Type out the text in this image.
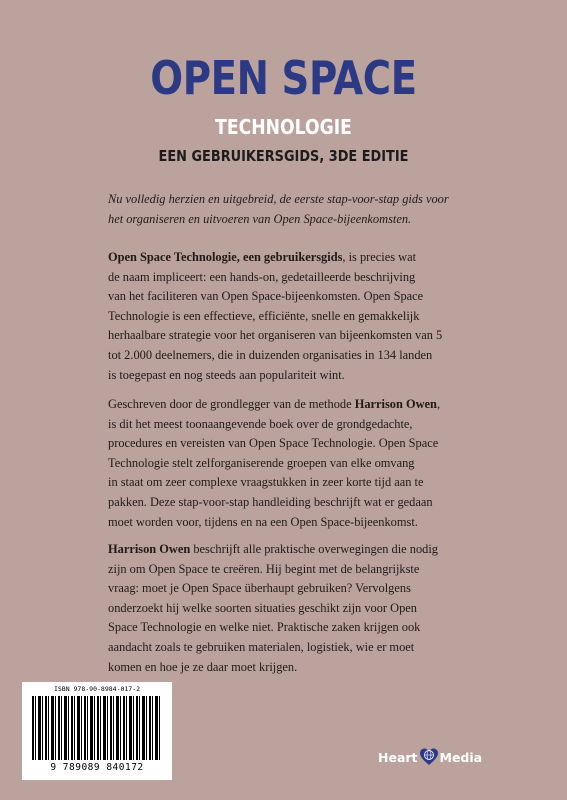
OPEN SPACE
TECHNOLOGIE
EEN GEBRUIKERSGIDS, 3DE EDITIE
Nu volledig herzien en uitgebreid, de eerste stap-voor-stap gids voor
het organiseren en uitvoeren van Open Space-bijeenkomsten.
Open Space Technologie, een gebruikersgids, is precies wat
de naam impliceert: een hands-on, gedetailleerde beschrijving
van het faciliteren van Open Space-bijeenkomsten. Open Space
Technologie is een effectieve, efficiënte, snelle en gemakkelijk
herhaalbare strategie voor het organiseren van bijeenkomsten van 5
tot 2.000 deelnemers, die in duizenden organisaties in 134 landen
is toegepast en nog steeds aan populariteit wint.
Geschreven door de grondlegger van de methode Harrison Owen,
is dit het meest toonaangevende boek over de grondgedachte,
procedures en vereisten van Open Space Technologie. Open Space
Technologie stelt zelforganiserende groepen van elke omvang
in staat om zeer complexe vraagstukken in zeer korte tijd aan te
pakken. Deze stap-voor-stap handleiding beschrijft wat er gedaan
moet worden voor, tijdens en na een Open Space-bijeenkomst.
Harrison Owen beschrijft alle praktische overwegingen die nodig
zijn om Open Space te creëren. Hij begint met de belangrijkste
vraag: moet je Open Space überhaupt gebruiken? Vervolgens
onderzoekt hij welke soorten situaties geschikt zijn voor Open
Space Technologie en welke niet. Praktische zaken krijgen ook
aandacht zoals te gebruiken materialen, logistiek, wie er moet
komen en hoe je ze daar moet krijgen.
ISBN 978-90-8984-017-2
9 789089 840172
Heart Media
